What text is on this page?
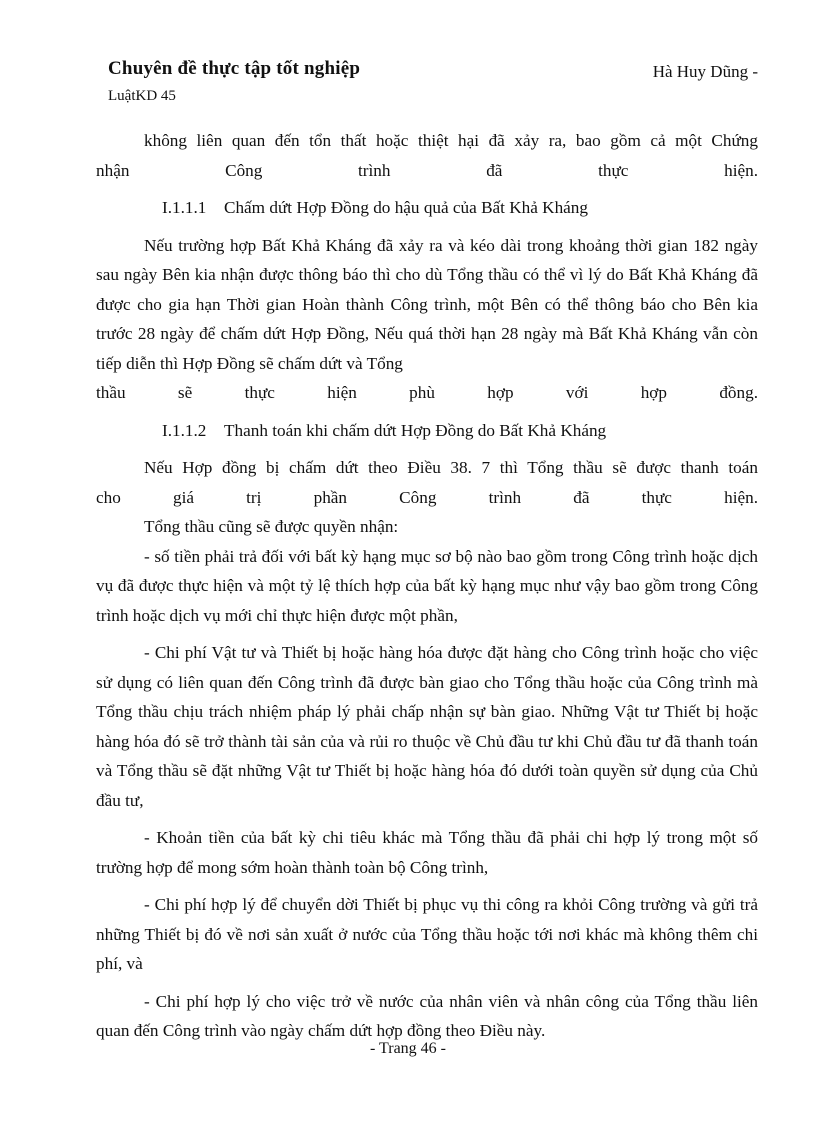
Chuyên đề thực tập tốt nghiệp	Hà Huy Dũng -
LuậtKD 45

không liên quan đến tổn thất hoặc thiệt hại đã xảy ra, bao gồm cả một Chứng

nhận Công trình đã thực hiện.

I.1.1.1 Chấm dứt Hợp Đồng do hậu quả của Bất Khả Kháng

Nếu trường hợp Bất Khả Kháng đã xảy ra và kéo dài trong khoảng thời gian 182 ngày sau ngày Bên kia nhận được thông báo thì cho dù Tổng thầu có thể vì lý do Bất Khả Kháng đã được cho gia hạn Thời gian Hoàn thành Công trình, một Bên có thể thông báo cho Bên kia trước 28 ngày để chấm dứt Hợp Đồng, Nếu quá thời hạn 28 ngày mà Bất Khả Kháng vẫn còn tiếp diễn thì Hợp Đồng sẽ chấm dứt và Tổng

thầu sẽ thực hiện phù hợp với hợp đồng.

I.1.1.2 Thanh toán khi chấm dứt Hợp Đồng do Bất Khả Kháng

Nếu Hợp đồng bị chấm dứt theo Điều 38. 7 thì Tổng thầu sẽ được thanh toán

cho giá trị phần Công trình đã thực hiện.

Tổng thầu cũng sẽ được quyền nhận:

- số tiền phải trả đối với bất kỳ hạng mục sơ bộ nào bao gồm trong Công trình hoặc dịch vụ đã được thực hiện và một tỷ lệ thích hợp của bất kỳ hạng mục như vậy bao gồm trong Công trình hoặc dịch vụ mới chỉ thực hiện được một phần,

- Chi phí Vật tư và Thiết bị hoặc hàng hóa được đặt hàng cho Công trình hoặc cho việc sử dụng có liên quan đến Công trình đã được bàn giao cho Tổng thầu hoặc của Công trình mà Tổng thầu chịu trách nhiệm pháp lý phải chấp nhận sự bàn giao. Những Vật tư Thiết bị hoặc hàng hóa đó sẽ trở thành tài sản của và rủi ro thuộc về Chủ đầu tư khi Chủ đầu tư đã thanh toán và Tổng thầu sẽ đặt những Vật tư Thiết bị hoặc hàng hóa đó dưới toàn quyền sử dụng của Chủ đầu tư,

- Khoản tiền của bất kỳ chi tiêu khác mà Tổng thầu đã phải chi hợp lý trong một số trường hợp để mong sớm hoàn thành toàn bộ Công trình,

- Chi phí hợp lý để chuyển dời Thiết bị phục vụ thi công ra khỏi Công trường và gửi trả những Thiết bị đó về nơi sản xuất ở nước của Tổng thầu hoặc tới nơi khác mà không thêm chi phí, và

- Chi phí hợp lý cho việc trở về nước của nhân viên và nhân công của Tổng thầu liên quan đến Công trình vào ngày chấm dứt hợp đồng theo Điều này.

- Trang 46 -
